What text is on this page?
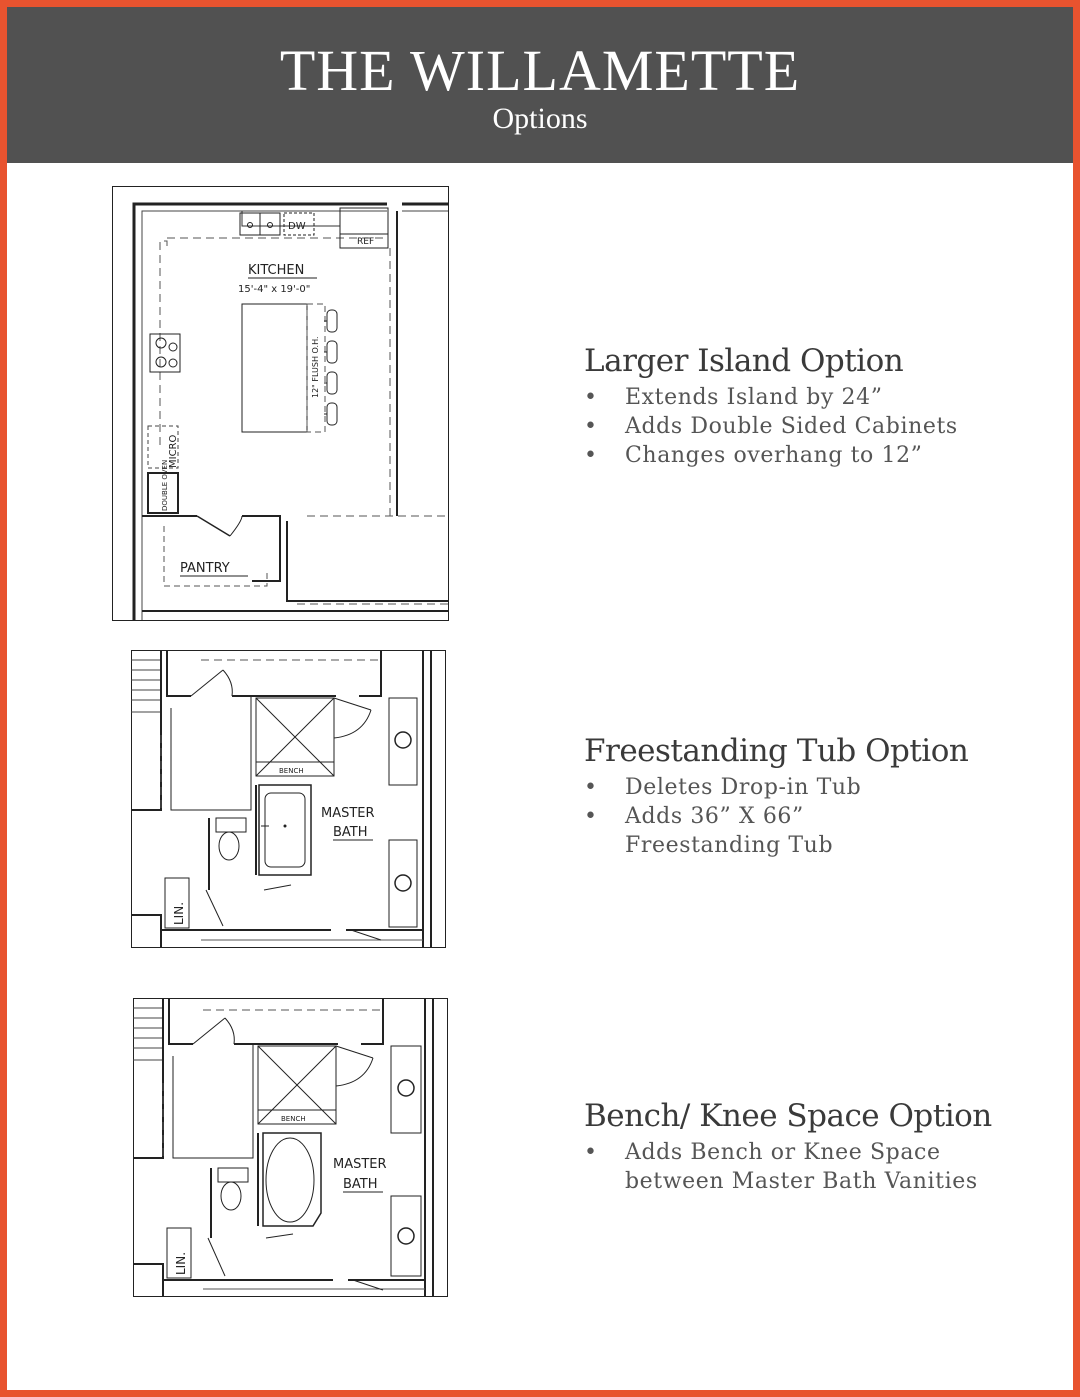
THE WILLAMETTE
Options
DW
REF
KITCHEN
15'-4" x 19'-0"
12" FLUSH O.H.
MICRO
DOUBLE OVEN
PANTRY
BENCH
MASTER
BATH
LIN.
BENCH
MASTER
BATH
LIN.
Larger Island Option
• Extends Island by 24”
• Adds Double Sided Cabinets
• Changes overhang to 12”
Freestanding Tub Option
• Deletes Drop-in Tub
• Adds 36” X 66” Freestanding Tub
Bench/ Knee Space Option
• Adds Bench or Knee Space between Master Bath Vanities
